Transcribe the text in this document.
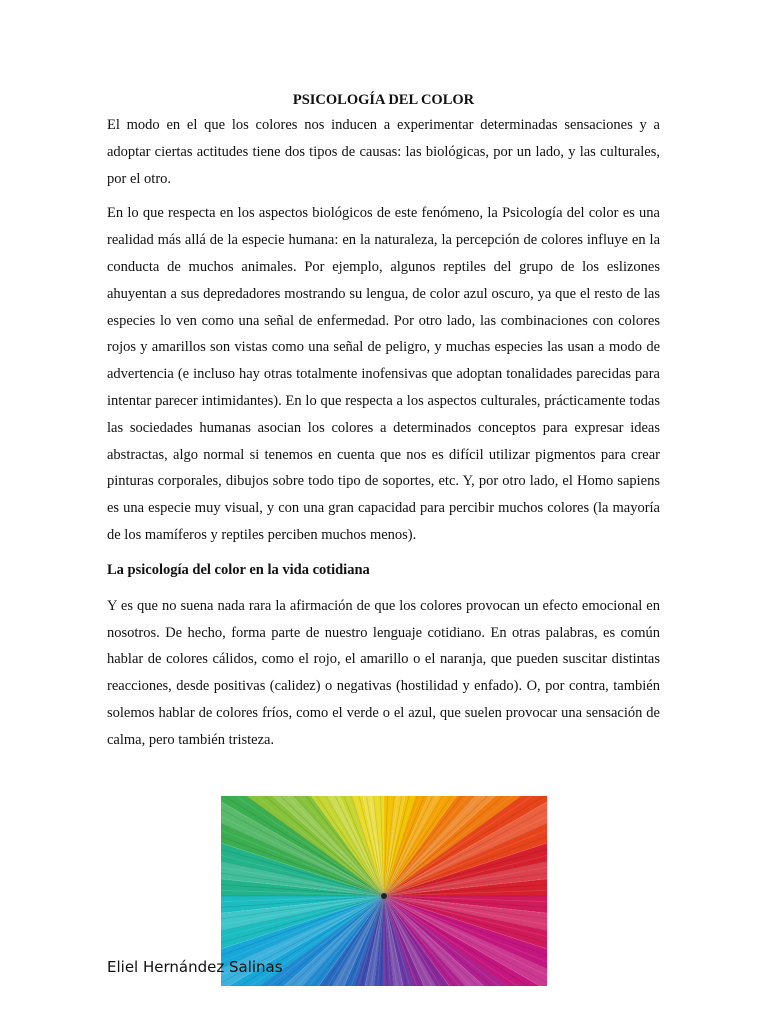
PSICOLOGÍA DEL COLOR

El modo en el que los colores nos inducen a experimentar determinadas sensaciones y a adoptar ciertas actitudes tiene dos tipos de causas: las biológicas, por un lado, y las culturales, por el otro.

En lo que respecta en los aspectos biológicos de este fenómeno, la Psicología del color es una realidad más allá de la especie humana: en la naturaleza, la percepción de colores influye en la conducta de muchos animales. Por ejemplo, algunos reptiles del grupo de los eslizones ahuyentan a sus depredadores mostrando su lengua, de color azul oscuro, ya que el resto de las especies lo ven como una señal de enfermedad. Por otro lado, las combinaciones con colores rojos y amarillos son vistas como una señal de peligro, y muchas especies las usan a modo de advertencia (e incluso hay otras totalmente inofensivas que adoptan tonalidades parecidas para intentar parecer intimidantes). En lo que respecta a los aspectos culturales, prácticamente todas las sociedades humanas asocian los colores a determinados conceptos para expresar ideas abstractas, algo normal si tenemos en cuenta que nos es difícil utilizar pigmentos para crear pinturas corporales, dibujos sobre todo tipo de soportes, etc. Y, por otro lado, el Homo sapiens es una especie muy visual, y con una gran capacidad para percibir muchos colores (la mayoría de los mamíferos y reptiles perciben muchos menos).

La psicología del color en la vida cotidiana

Y es que no suena nada rara la afirmación de que los colores provocan un efecto emocional en nosotros. De hecho, forma parte de nuestro lenguaje cotidiano. En otras palabras, es común hablar de colores cálidos, como el rojo, el amarillo o el naranja, que pueden suscitar distintas reacciones, desde positivas (calidez) o negativas (hostilidad y enfado). O, por contra, también solemos hablar de colores fríos, como el verde o el azul, que suelen provocar una sensación de calma, pero también tristeza.

Eliel Hernández Salinas
